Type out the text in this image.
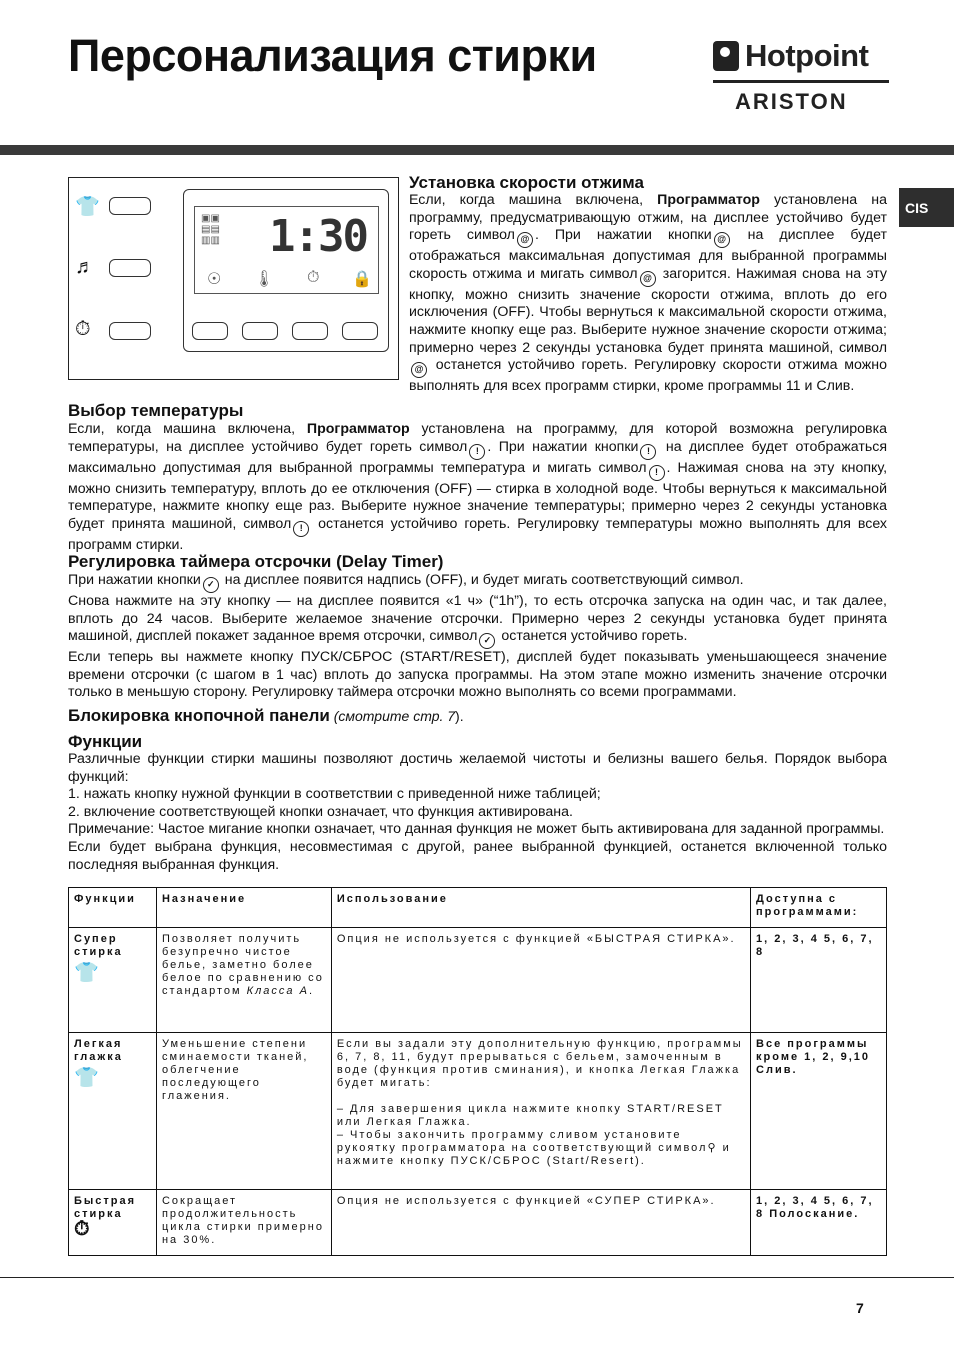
Персонализация стирки	Hotpoint
ARISTON
CIS
👕
♬
⏱
▣▣
▤▤
▥▥ 1:30
☉ 🌡 ⏱ 🔒
Установка скорости отжима
Если, когда машина включена, Программатор установлена на программу, предусматривающую отжим, на дисплее устойчиво будет гореть символ @ . При нажатии кнопки @ на дисплее будет отображаться максимальная допустимая для выбранной программы скорость отжима и мигать символ @ загорится. Нажимая снова на эту кнопку, можно снизить значение скорости отжима, вплоть до его исключения (OFF). Чтобы вернуться к максимальной скорости отжима, нажмите кнопку еще раз. Выберите нужное значение скорости отжима; примерно через 2 секунды установка будет принята машиной, символ@ останется устойчиво гореть. Регулировку скорости отжима можно выполнять для всех программ стирки, кроме программы 11 и Слив.
Выбор температуры
Если, когда машина включена, Программатор установлена на программу, для которой возможна регулировка температуры, на дисплее устойчиво будет гореть символ ! . При нажатии кнопки ! на дисплее будет отображаться максимально допустимая для выбранной программы температура и мигать символ ! . Нажимая снова на эту кнопку, можно снизить температуру, вплоть до ее отключения (OFF) — стирка в холодной воде. Чтобы вернуться к максимальной температуре, нажмите кнопку еще раз. Выберите нужное значение температуры; примерно через 2 секунды установка будет принята машиной, символ ! останется устойчиво гореть. Регулировку температуры можно выполнять для всех программ стирки.
Регулировка таймера отсрочки (Delay Timer)
При нажатии кнопки ✓ на дисплее появится надпись (OFF), и будет мигать соответствующий символ.
Снова нажмите на эту кнопку — на дисплее появится «1 ч» (“1h”), то есть отсрочка запуска на один час, и так далее, вплоть до 24 часов. Выберите желаемое значение отсрочки. Примерно через 2 секунды установка будет принята машиной, дисплей покажет заданное время отсрочки, символ ✓ останется устойчиво гореть.
Если теперь вы нажмете кнопку ПУСК/СБРОС (START/RESET), дисплей будет показывать уменьшающееся значение времени отсрочки (с шагом в 1 час) вплоть до запуска программы. На этом этапе можно изменить значение отсрочки только в меньшую сторону. Регулировку таймера отсрочки можно выполнять со всеми программами.
Блокировка кнопочной панели (смотрите стр. 7).
Функции
Различные функции стирки машины позволяют достичь желаемой чистоты и белизны вашего белья. Порядок выбора функций:
1. нажать кнопку нужной функции в соответствии с приведенной ниже таблицей;
2. включение соответствующей кнопки означает, что функция активирована.
Примечание: Частое мигание кнопки означает, что данная функция не может быть активирована для заданной программы.
Если будет выбрана функция, несовместимая с другой, ранее выбранной функцией, останется включенной только последняя выбранная функция.
Функции	Назначение	Использование	Доступна с программами:
Супер стирка
👕	Позволяет получить безупречно чистое белье, заметно более белое по сравнению со стандартом Класса А.	Опция не используется с функцией «БЫСТРАЯ СТИРКА».	1, 2, 3, 4 5, 6, 7, 8
Легкая глажка
👕	Уменьшение степени сминаемости тканей, облегчение последующего глажения.	Если вы задали эту дополнительную функцию, программы 6, 7, 8, 11, будут прерываться с бельем, замоченным в воде (функция против сминания), и кнопка Легкая Глажка будет мигать:

– Для завершения цикла нажмите кнопку START/RESET или Легкая Глажка.
– Чтобы закончить программу сливом установите рукоятку программатора на соответствующий символ⚲ и нажмите кнопку ПУСК/СБРОС (Start/Resert).	Все программы кроме 1, 2, 9,10 Слив.
Быстрая стирка
⏱	Сокращает продолжительность цикла стирки примерно на 30%.	Опция не используется с функцией «СУПЕР СТИРКА».	1, 2, 3, 4 5, 6, 7, 8 Полоскание.
7
